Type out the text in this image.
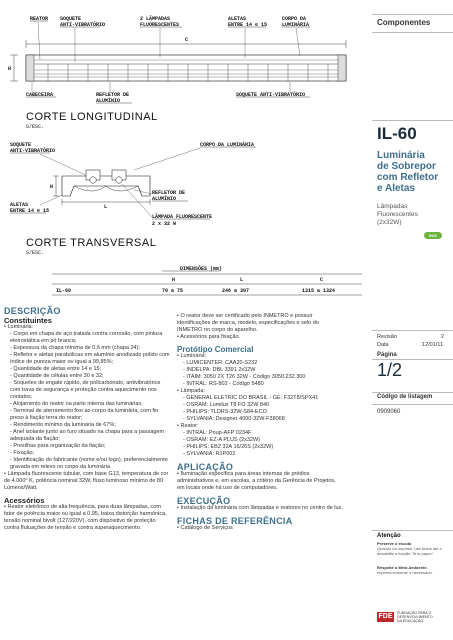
REATOR SOQUETE
ANTI-VIBRATÓRIO
2 LÂMPADAS
FLUORESCENTES
ALETAS
ENTRE 14 e 15
CORPO DA
LUMINÁRIA
C
H
CABECEIRA	REFLETOR DE
ALUMÍNIO
SOQUETE ANTI-VIBRATÓRIO
CORTE LONGITUDINAL
S/ESC.
SOQUETE
ANTI-VIBRATÓRIO
CORPO DA LUMINÁRIA
ALETAS
ENTRE 14 e 15
REFLETOR DE
ALUMÍNIO
LÂMPADA FLUORESCENTE
2 x 32 W
H
L
CORTE TRANSVERSAL
S/ESC.
DIMENSÕES (mm)
H	L	C
IL-60	70 a 75	246 a 307	1315 a 1324
Componentes
IL-60
Luminária
de Sobrepor
com Refletor
e Aletas
Lâmpadas
Fluorescentes
(2x32W)
eco
Revisão	2
Data	12/01/11
Página
1/2
Código de listagem
0909060
Atenção
Preserve o escuta
Quando for imprimir, use todos até e desabilite a função "fit to paper".
Respeite o Meio Ambiente.
Imprima somente o necessário.
FDE	FUNDAÇÃO PARA O
DESENVOLVIMENTO
DA EDUCAÇÃO
DESCRIÇÃO
Constituintes
• Luminária:
- Corpo em chapa de aço tratada contra corrosão, com pintura eletrostática em pó branca;
- Espessura da chapa mínima de 0,6 mm (chapa 24);
- Refletor e aletas parabólicas em alumínio anodizado polido com índice de pureza maior ou igual a 99,85%;
- Quantidade de aletas entre 14 e 15;
- Quantidade de células entre 30 e 32;
- Soquetes de engate rápido, de policarbonato, antivibratórios com trava de segurança e proteção contra aquecimento nos contatos;
- Alojamento do reator na parte interna das luminárias;
- Terminal de aterramento fixo ao corpo da luminária, com fio preso à fiação terra do reator;
- Rendimento mínimo da luminária de 67%;
- Anel isolante junto ao furo situado na chapa para a passagem adequada da fiação;
- Presilhas para organização da fiação;
- Fixação;
- Identificação do fabricante (nome e/ou logo), preferencialmente gravada em relevo no corpo da luminária.
• Lâmpada fluorescente tubular, com base G13, temperatura de cor de 4.000° K, potência nominal 32W, fluxo luminoso mínimo de 80 Lúmens/Watt.
Acessórios
• Reator eletrônico de alta frequência, para duas lâmpadas, com fator de potência maior ou igual a 0,95, baixa distorção harmônica, tensão nominal bivolt (127/220V), com dispositivo de proteção contra flutuações de tensão e contra superaquecimento.
• O reator deve ser certificado pelo INMETRO e possuir identificações de marca, modelo, especificações e selo do INMETRO no corpo do aparelho.
• Acessórios para fixação.
Protótipo Comercial
• Luminária:
- LUMICENTER: CAA20-S232
- INDELPA: DBL 3391 2x32W
- ITAIM: 3050 2X T26 32W - Código 3050.232.300
- INTRAL: RS-802 - Código 5480
• Lâmpada:
- GENERAL ELETRIC DO BRASIL - GE: F32T8/SPX41
- OSRAM: Lumilux T8 FO 32W 840
- PHILIPS: TLDRS-32W-S84-ECO
- SYLVANIA: Designer 4000-32W-F38068
• Reator:
- INTRAL: Poup-AFP 0234F
- OSRAM: EZ-A PLUS (2x32W)
- PHILIPS: EB2 32A 16/26S (2x32W)
- SYLVANIA: R1P002
APLICAÇÃO
• Iluminação específica para áreas internas de prédios administrativos e, em escolas, a critério da Gerência de Projetos, em locais onde há uso de computadores.
EXECUÇÃO
• Instalação da luminária com lâmpadas e reatores no centro de luz.
FICHAS DE REFERÊNCIA
• Catálogo de Serviços
